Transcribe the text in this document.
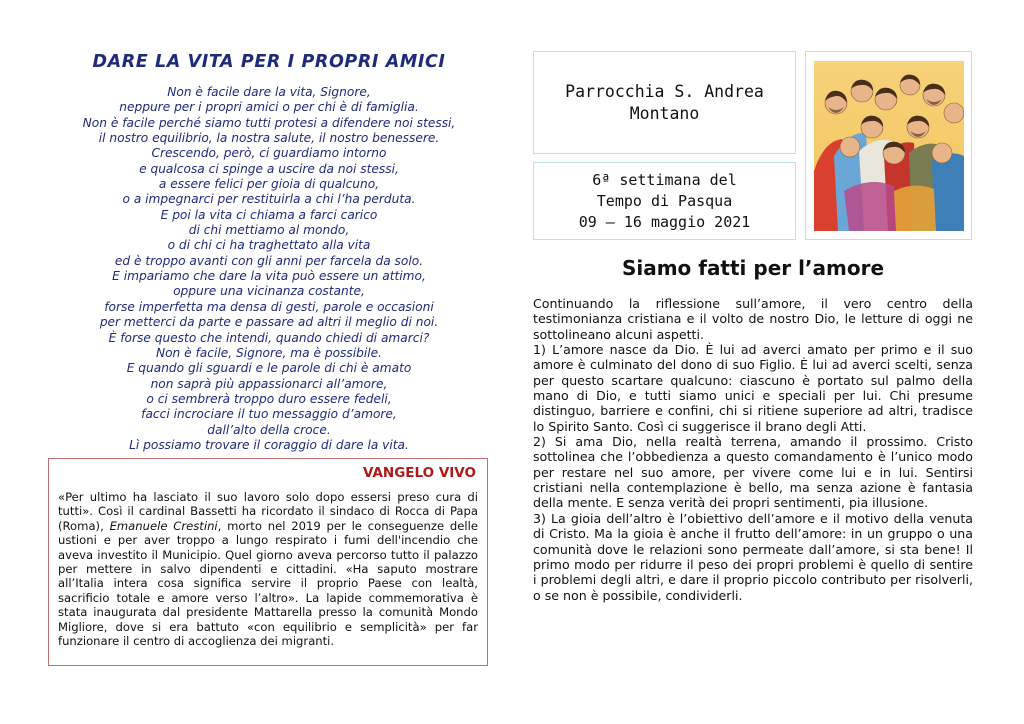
DARE LA VITA PER I PROPRI AMICI
Non è facile dare la vita, Signore,
neppure per i propri amici o per chi è di famiglia.
Non è facile perché siamo tutti protesi a difendere noi stessi,
il nostro equilibrio, la nostra salute, il nostro benessere.
Crescendo, però, ci guardiamo intorno
e qualcosa ci spinge a uscire da noi stessi,
a essere felici per gioia di qualcuno,
o a impegnarci per restituirla a chi l’ha perduta.
E poi la vita ci chiama a farci carico
di chi mettiamo al mondo,
o di chi ci ha traghettato alla vita
ed è troppo avanti con gli anni per farcela da solo.
E impariamo che dare la vita può essere un attimo,
oppure una vicinanza costante,
forse imperfetta ma densa di gesti, parole e occasioni
per metterci da parte e passare ad altri il meglio di noi.
È forse questo che intendi, quando chiedi di amarci?
Non è facile, Signore, ma è possibile.
E quando gli sguardi e le parole di chi è amato
non saprà più appassionarci all’amore,
o ci sembrerà troppo duro essere fedeli,
facci incrociare il tuo messaggio d’amore,
dall’alto della croce.
Lì possiamo trovare il coraggio di dare la vita.
VANGELO VIVO
«Per ultimo ha lasciato il suo lavoro solo dopo essersi preso cura di tutti». Così il cardinal Bassetti ha ricordato il sindaco di Rocca di Papa (Roma), Emanuele Crestini, morto nel 2019 per le conseguenze delle ustioni e per aver troppo a lungo respirato i fumi dell'incendio che aveva investito il Municipio. Quel giorno aveva percorso tutto il palazzo per mettere in salvo dipendenti e cittadini. «Ha saputo mostrare all’Italia intera cosa significa servire il proprio Paese con lealtà, sacrificio totale e amore verso l’altro». La lapide commemorativa è stata inaugurata dal presidente Mattarella presso la comunità Mondo Migliore, dove si era battuto «con equilibrio e semplicità» per far funzionare il centro di accoglienza dei migranti.
Parrocchia S. Andrea
Montano
6ª settimana del
Tempo di Pasqua
09 – 16 maggio 2021
Siamo fatti per l’amore

Continuando la riflessione sull’amore, il vero centro della testimonianza cristiana e il volto de nostro Dio, le letture di oggi ne sottolineano alcuni aspetti.

1) L’amore nasce da Dio. È lui ad averci amato per primo e il suo amore è culminato del dono di suo Figlio. È lui ad averci scelti, senza per questo scartare qualcuno: ciascuno è portato sul palmo della mano di Dio, e tutti siamo unici e speciali per lui. Chi presume distinguo, barriere e confini, chi si ritiene superiore ad altri, tradisce lo Spirito Santo. Così ci suggerisce il brano degli Atti.

2) Si ama Dio, nella realtà terrena, amando il prossimo. Cristo sottolinea che l’obbedienza a questo comandamento è l’unico modo per restare nel suo amore, per vivere come lui e in lui. Sentirsi cristiani nella contemplazione è bello, ma senza azione è fantasia della mente. E senza verità dei propri sentimenti, pia illusione.

3) La gioia dell’altro è l’obiettivo dell’amore e il motivo della venuta di Cristo. Ma la gioia è anche il frutto dell’amore: in un gruppo o una comunità dove le relazioni sono permeate dall’amore, si sta bene! Il primo modo per ridurre il peso dei propri problemi è quello di sentire i problemi degli altri, e dare il proprio piccolo contributo per risolverli, o se non è possibile, condividerli.
